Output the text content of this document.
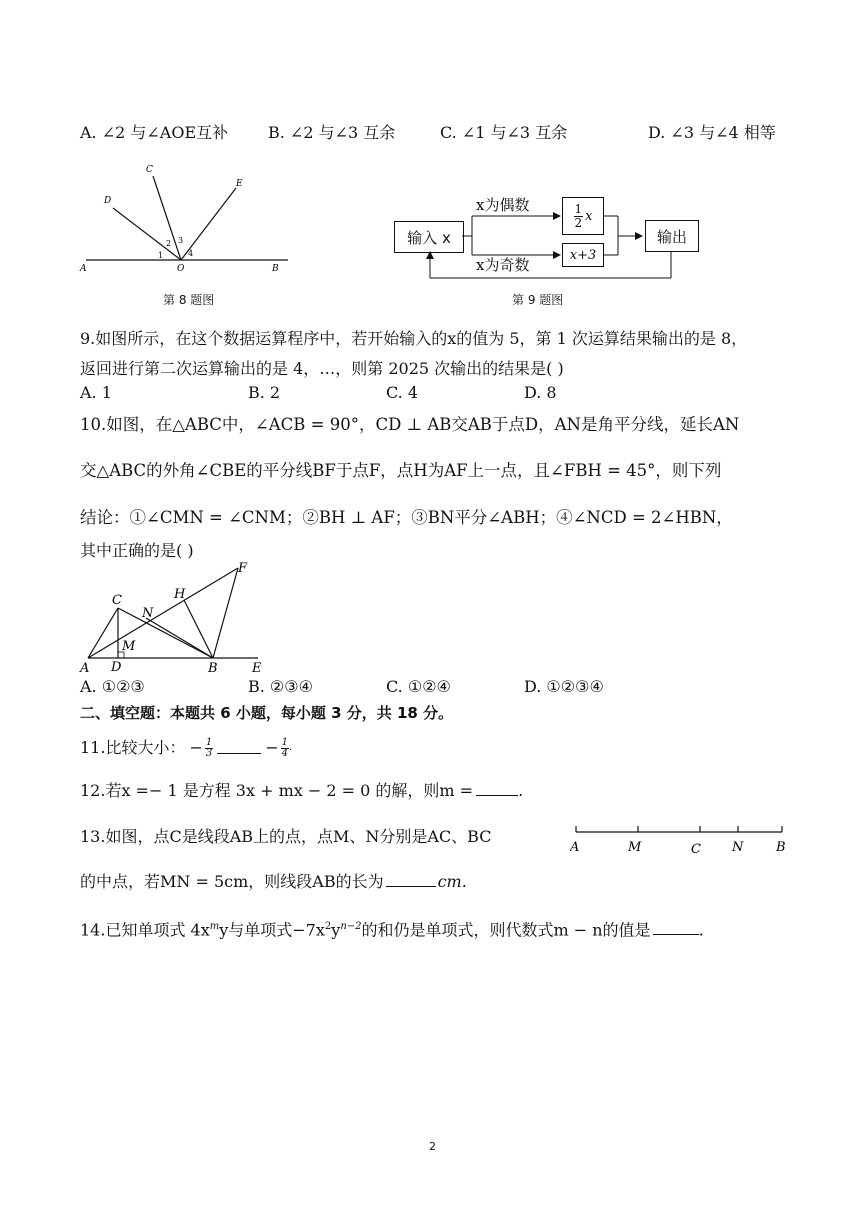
A. ∠2 与∠AOE互补 B. ∠2 与∠3 互余	C. ∠1 与∠3 互余	D. ∠3 与∠4 相等
A	B
C
D
E
O
1
2 3
4
第 8 题图
输入 x	输出
$\frac{1}{2}$ x
x+3
x为偶数
x为奇数
第 9 题图
9.如图所示，在这个数据运算程序中，若开始输入的x的值为 5，第 1 次运算结果输出的是 8，
返回进行第二次运算输出的是 4，…，则第 2025 次输出的结果是( )
A. 1	B. 2	C. 4	D. 8
10.如图，在△ABC中，∠ACB = 90°，CD ⊥ AB交AB于点D，AN是角平分线，延长AN
交△ABC的外角∠CBE的平分线BF于点F，点H为AF上一点，且∠FBH = 45°，则下列
结论：①∠CMN = ∠CNM；②BH ⊥ AF；③BN平分∠ABH；④∠NCD = 2∠HBN，
其中正确的是( )
A D	B	E
C
F
H
N
M
A. ①②③	B. ②③④	C. ①②④	D. ①②③④
二、填空题：本题共 6 小题，每小题 3 分，共 18 分。
11.比较大小： − $\frac{1}{3}$	− $\frac{1}{4}$ .
12.若x =− 1 是方程 3x + mx − 2 = 0 的解，则m =	.
13.如图，点C是线段AB上的点，点M、N分别是AC、BC
的中点，若MN = 5cm，则线段AB的长为	cm.
A	M	C N	B
14.已知单项式 $4x^my$与单项式$-7x^2y^{n-2}$的和仍是单项式，则代数式m − n的值是	.
2
